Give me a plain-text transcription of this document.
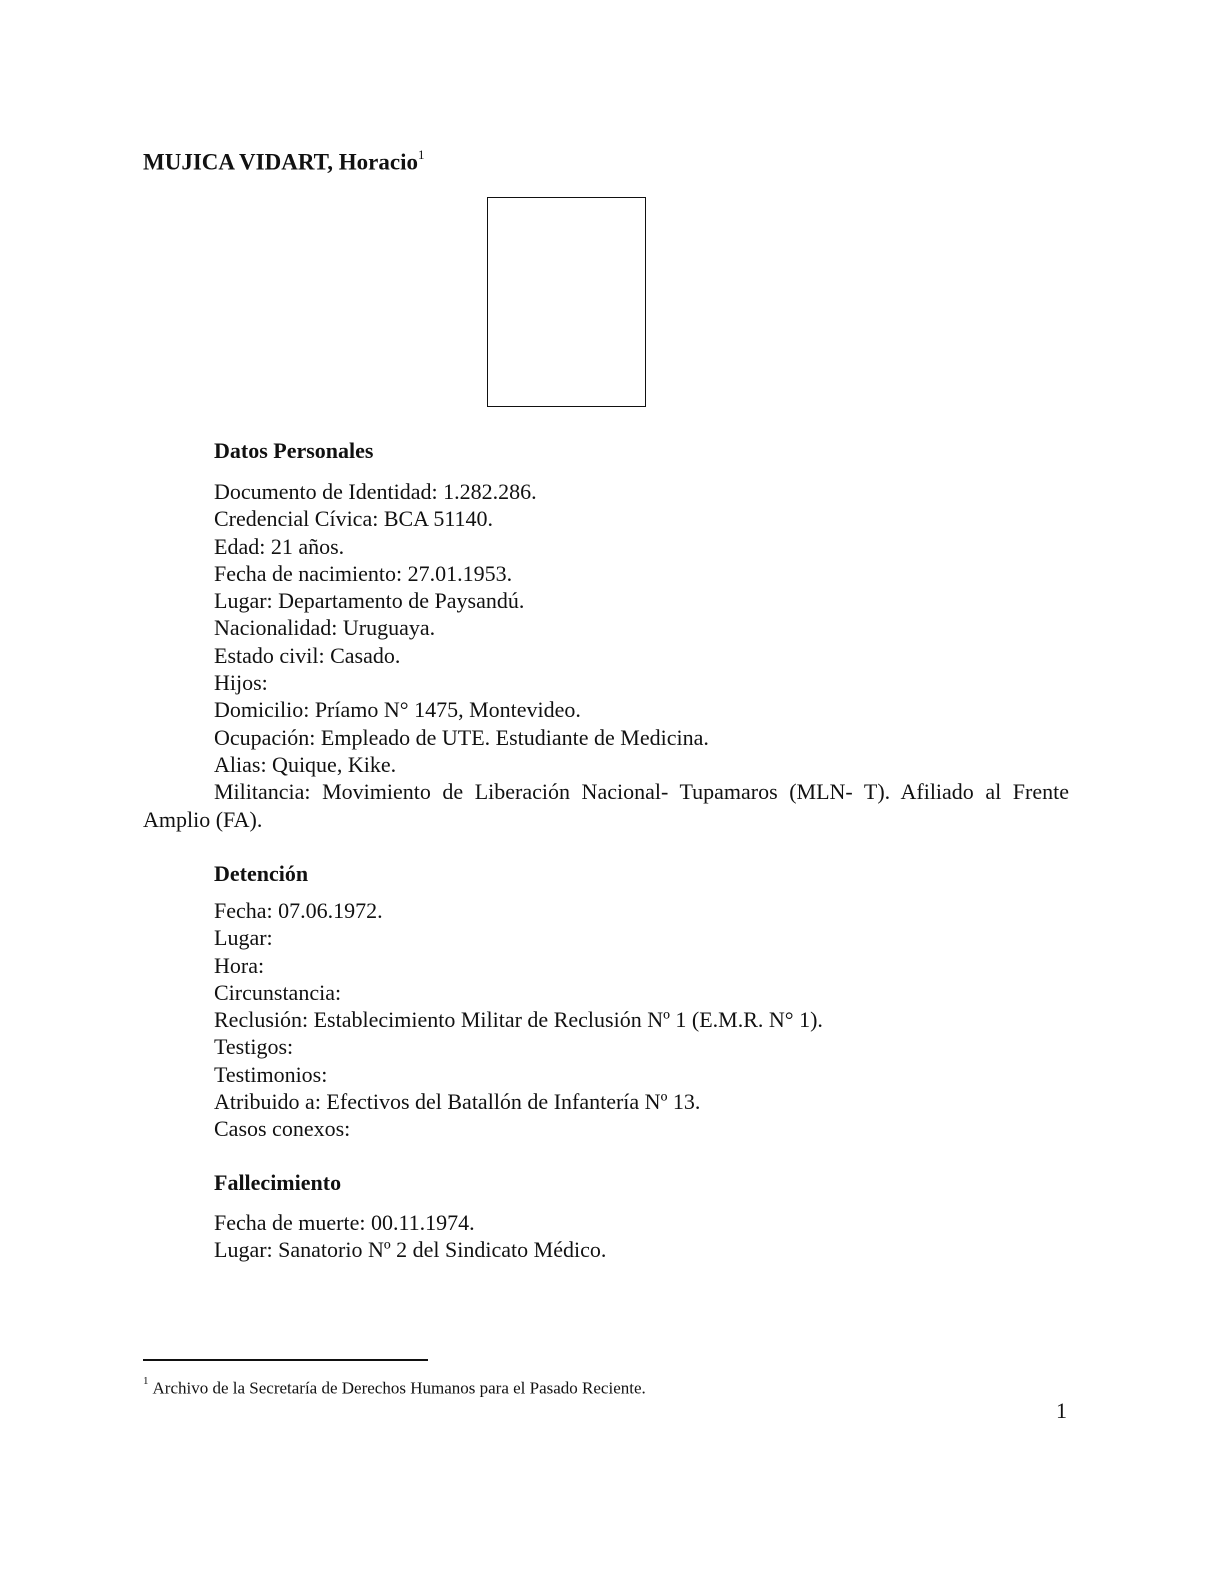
MUJICA VIDART, Horacio$^1$
Datos Personales
Documento de Identidad: 1.282.286.
Credencial Cívica: BCA 51140.
Edad: 21 años.
Fecha de nacimiento: 27.01.1953.
Lugar: Departamento de Paysandú.
Nacionalidad: Uruguaya.
Estado civil: Casado.
Hijos:
Domicilio: Príamo N° 1475, Montevideo.
Ocupación: Empleado de UTE. Estudiante de Medicina.
Alias: Quique, Kike.

Militancia: Movimiento de Liberación Nacional- Tupamaros (MLN- T). Afiliado al Frente Amplio (FA).

Detención
Fecha: 07.06.1972.
Lugar:
Hora:
Circunstancia:
Reclusión: Establecimiento Militar de Reclusión Nº 1 (E.M.R. N° 1).
Testigos:
Testimonios:
Atribuido a: Efectivos del Batallón de Infantería Nº 13.
Casos conexos:
Fallecimiento
Fecha de muerte: 00.11.1974.
Lugar: Sanatorio Nº 2 del Sindicato Médico.
$^1$ Archivo de la Secretaría de Derechos Humanos para el Pasado Reciente.
1
